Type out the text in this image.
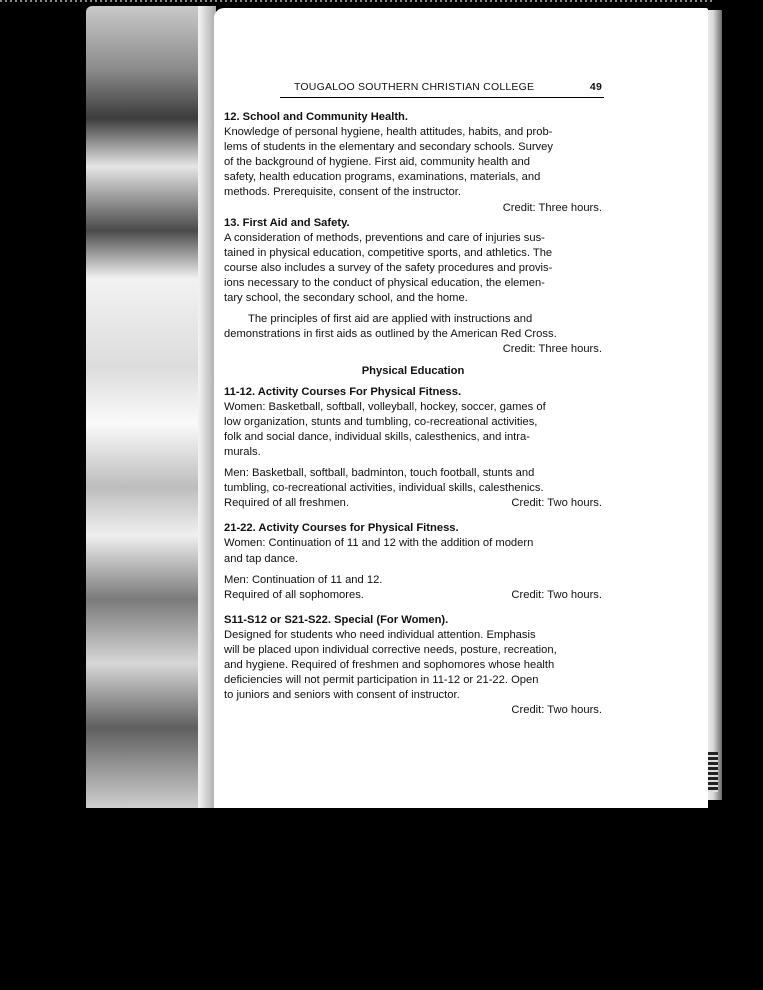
TOUGALOO SOUTHERN CHRISTIAN COLLEGE	49

12. School and Community Health.

Knowledge of personal hygiene, health attitudes, habits, and prob-

lems of students in the elementary and secondary schools. Survey

of the background of hygiene. First aid, community health and

safety, health education programs, examinations, materials, and

methods. Prerequisite, consent of the instructor.

Credit: Three hours.

13. First Aid and Safety.

A consideration of methods, preventions and care of injuries sus-

tained in physical education, competitive sports, and athletics. The

course also includes a survey of the safety procedures and provis-

ions necessary to the conduct of physical education, the elemen-

tary school, the secondary school, and the home.

The principles of first aid are applied with instructions and

demonstrations in first aids as outlined by the American Red Cross.

Credit: Three hours.

Physical Education

11-12. Activity Courses For Physical Fitness.

Women: Basketball, softball, volleyball, hockey, soccer, games of

low organization, stunts and tumbling, co-recreational activities,

folk and social dance, individual skills, calesthenics, and intra-

murals.

Men: Basketball, softball, badminton, touch football, stunts and

tumbling, co-recreational activities, individual skills, calesthenics.

Required of all freshmen.	Credit: Two hours.

21-22. Activity Courses for Physical Fitness.

Women: Continuation of 11 and 12 with the addition of modern

and tap dance.

Men: Continuation of 11 and 12.

Required of all sophomores.	Credit: Two hours.

S11-S12 or S21-S22. Special (For Women).

Designed for students who need individual attention. Emphasis

will be placed upon individual corrective needs, posture, recreation,

and hygiene. Required of freshmen and sophomores whose health

deficiencies will not permit participation in 11-12 or 21-22. Open

to juniors and seniors with consent of instructor.

Credit: Two hours.
